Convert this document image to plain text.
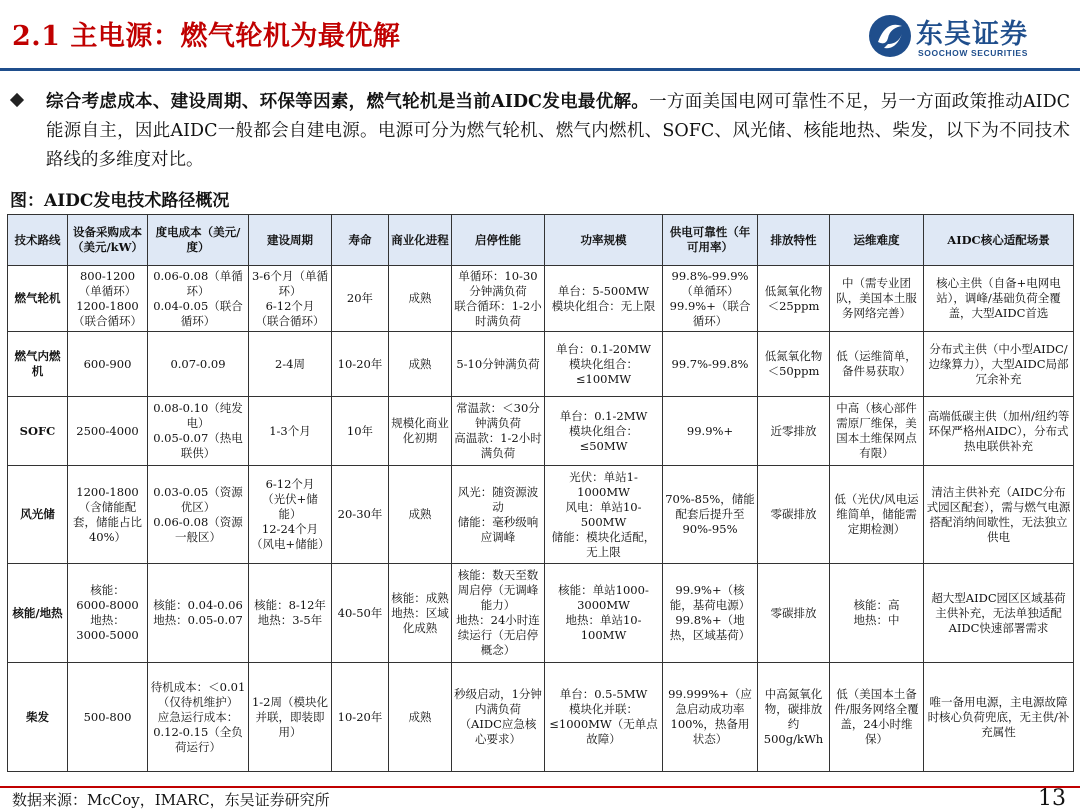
2.1 主电源：燃气轮机为最优解	东吴证券
SOOCHOW SECURITIES

综合考虑成本、建设周期、环保等因素，燃气轮机是当前AIDC发电最优解。一方面美国电网可靠性不足，另一方面政策推动AIDC能源自主，因此AIDC一般都会自建电源。电源可分为燃气轮机、燃气内燃机、SOFC、风光储、核能地热、柴发，以下为不同技术路线的多维度对比。

图：AIDC发电技术路径概况
技术路线	设备采购成本（美元/kW）	度电成本（美元/度）	建设周期	寿命	商业化进程	启停性能	功率规模	供电可靠性（年可用率）	排放特性	运维难度	AIDC核心适配场景
燃气轮机	800-1200
（单循环）
1200-1800
（联合循环）	0.06-0.08（单循环）
0.04-0.05（联合循环）	3-6个月（单循环）
6-12个月
（联合循环）	20年	成熟	单循环：10-30分钟满负荷
联合循环：1-2小时满负荷	单台：5-500MW
模块化组合：无上限	99.8%-99.9%
（单循环）
99.9%+（联合循环）	低氮氧化物
＜25ppm	中（需专业团队，美国本土服务网络完善）	核心主供（自备+电网电站），调峰/基础负荷全覆盖，大型AIDC首选
燃气内燃机	600-900	0.07-0.09	2-4周	10-20年	成熟	5-10分钟满负荷	单台：0.1-20MW
模块化组合：
≤100MW	99.7%-99.8%	低氮氧化物
＜50ppm	低（运维简单，备件易获取）	分布式主供（中小型AIDC/边缘算力），大型AIDC局部冗余补充
SOFC	2500-4000	0.08-0.10（纯发电）
0.05-0.07（热电联供）	1-3个月	10年	规模化商业化初期	常温款：＜30分钟满负荷
高温款：1-2小时满负荷	单台：0.1-2MW
模块化组合：
≤50MW	99.9%+	近零排放	中高（核心部件需原厂维保，美国本土维保网点有限）	高端低碳主供（加州/纽约等环保严格州AIDC），分布式热电联供补充
风光储	1200-1800（含储能配套，储能占比40%）	0.03-0.05（资源优区）
0.06-0.08（资源一般区）	6-12个月
（光伏+储能）
12-24个月
（风电+储能）	20-30年	成熟	风光：随资源波动
储能：毫秒级响应调峰	光伏：单站1-1000MW
风电：单站10-500MW
储能：模块化适配，无上限	70%-85%，储能配套后提升至90%-95%	零碳排放	低（光伏/风电运维简单，储能需定期检测）	清洁主供补充（AIDC分布式园区配套），需与燃气电源搭配消纳间歇性，无法独立供电
核能/地热	核能：
6000-8000
地热：
3000-5000	核能：0.04-0.06
地热：0.05-0.07	核能：8-12年
地热：3-5年	40-50年	核能：成熟
地热：区域化成熟	核能：数天至数周启停（无调峰能力）
地热：24小时连续运行（无启停概念）	核能：单站1000-3000MW
地热：单站10-100MW	99.9%+（核能，基荷电源）
99.8%+（地热，区域基荷）	零碳排放	核能：高
地热：中	超大型AIDC园区区域基荷主供补充，无法单独适配AIDC快速部署需求
柴发	500-800	待机成本：＜0.01（仅待机维护）
应急运行成本：0.12-0.15（全负荷运行）	1-2周（模块化并联，即装即用）	10-20年	成熟	秒级启动，1分钟内满负荷（AIDC应急核心要求）	单台：0.5-5MW
模块化并联：≤1000MW（无单点故障）	99.999%+（应急启动成功率100%，热备用状态）	中高氮氧化物，碳排放约500g/kWh	低（美国本土备件/服务网络全覆盖，24小时维保）	唯一备用电源，主电源故障时核心负荷兜底，无主供/补充属性
数据来源：McCoy，IMARC，东吴证券研究所	13
